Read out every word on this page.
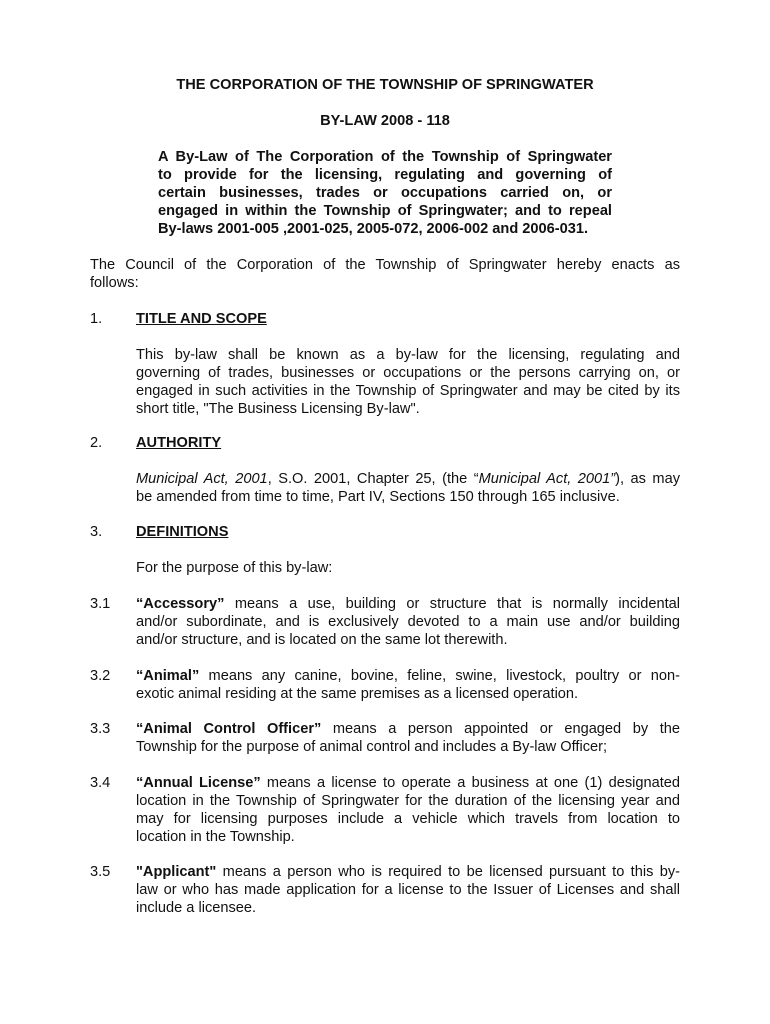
THE CORPORATION OF THE TOWNSHIP OF SPRINGWATER
BY-LAW 2008 - 118
A By-Law of The Corporation of the Township of Springwater
to provide for the licensing, regulating and governing of
certain businesses, trades or occupations carried on, or
engaged in within the Township of Springwater; and to repeal
By-laws 2001-005 ,2001-025, 2005-072, 2006-002 and 2006-031.
The Council of the Corporation of the Township of Springwater hereby enacts as
follows:
1. TITLE AND SCOPE
This by-law shall be known as a by-law for the licensing, regulating and
governing of trades, businesses or occupations or the persons carrying on, or
engaged in such activities in the Township of Springwater and may be cited by its
short title, "The Business Licensing By-law".
2. AUTHORITY
Municipal Act, 2001, S.O. 2001, Chapter 25, (the “Municipal Act, 2001”), as may
be amended from time to time, Part IV, Sections 150 through 165 inclusive.
3. DEFINITIONS
For the purpose of this by-law:
3.1 “Accessory” means a use, building or structure that is normally incidental
and/or subordinate, and is exclusively devoted to a main use and/or building
and/or structure, and is located on the same lot therewith.
3.2 “Animal” means any canine, bovine, feline, swine, livestock, poultry or non-
exotic animal residing at the same premises as a licensed operation.
3.3 “Animal Control Officer” means a person appointed or engaged by the
Township for the purpose of animal control and includes a By-law Officer;
3.4 “Annual License” means a license to operate a business at one (1) designated
location in the Township of Springwater for the duration of the licensing year and
may for licensing purposes include a vehicle which travels from location to
location in the Township.
3.5 "Applicant" means a person who is required to be licensed pursuant to this by-
law or who has made application for a license to the Issuer of Licenses and shall
include a licensee.
